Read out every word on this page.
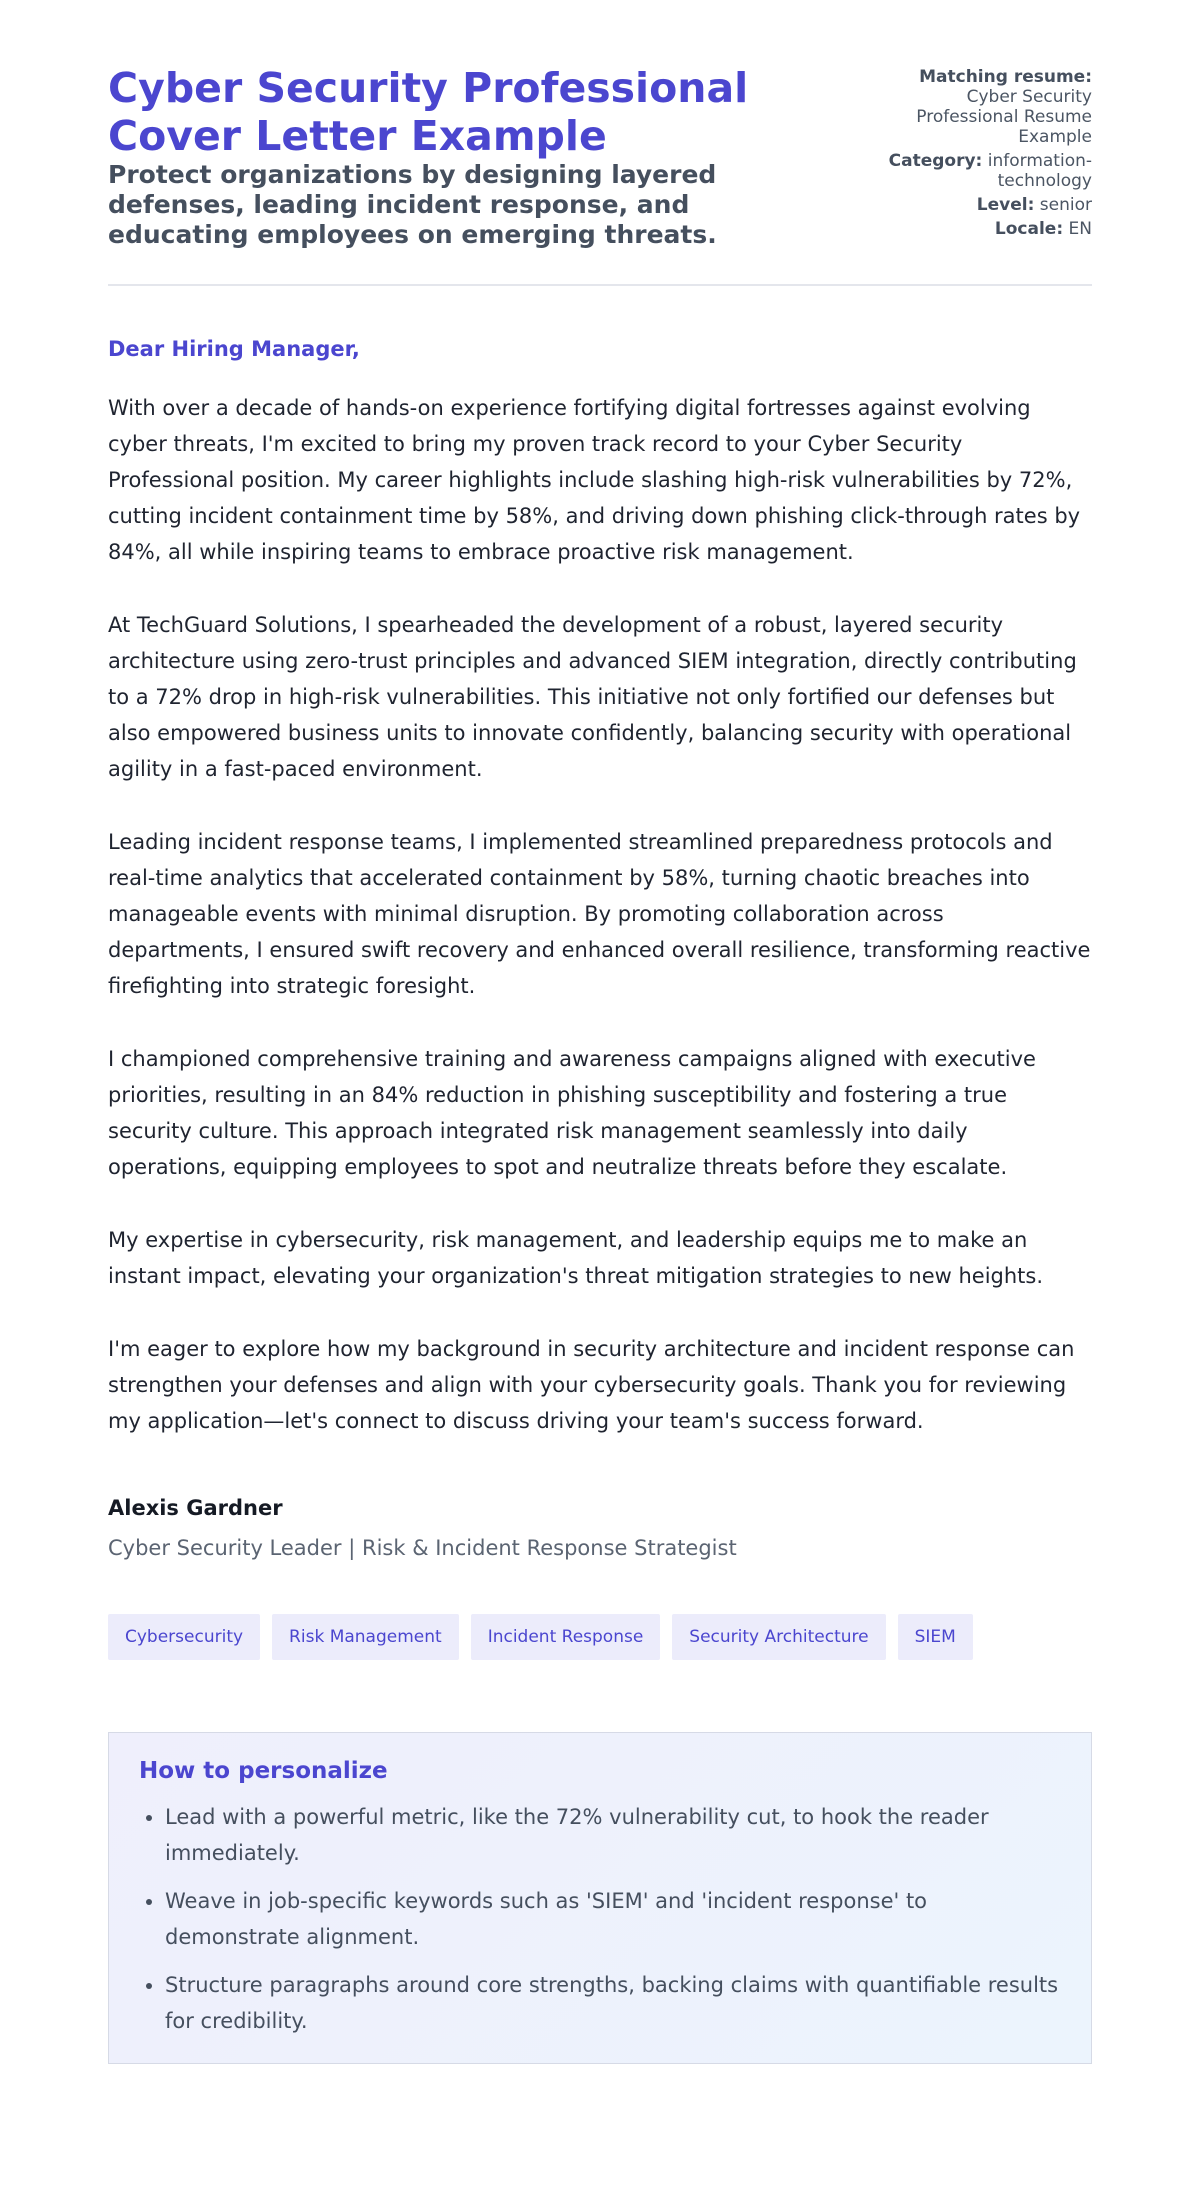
Cyber Security Professional Cover Letter Example
Protect organizations by designing layered defenses, leading incident response, and educating employees on emerging threats.
Matching resume:
Cyber Security Professional Resume Example
Category: information-technology
Level: senior
Locale: EN

Dear Hiring Manager,

With over a decade of hands-on experience fortifying digital fortresses against evolving cyber threats, I'm excited to bring my proven track record to your Cyber Security Professional position. My career highlights include slashing high-risk vulnerabilities by 72%, cutting incident containment time by 58%, and driving down phishing click-through rates by 84%, all while inspiring teams to embrace proactive risk management.

At TechGuard Solutions, I spearheaded the development of a robust, layered security architecture using zero-trust principles and advanced SIEM integration, directly contributing to a 72% drop in high-risk vulnerabilities. This initiative not only fortified our defenses but also empowered business units to innovate confidently, balancing security with operational agility in a fast-paced environment.

Leading incident response teams, I implemented streamlined preparedness protocols and real-time analytics that accelerated containment by 58%, turning chaotic breaches into manageable events with minimal disruption. By promoting collaboration across departments, I ensured swift recovery and enhanced overall resilience, transforming reactive firefighting into strategic foresight.

I championed comprehensive training and awareness campaigns aligned with executive priorities, resulting in an 84% reduction in phishing susceptibility and fostering a true security culture. This approach integrated risk management seamlessly into daily operations, equipping employees to spot and neutralize threats before they escalate.

My expertise in cybersecurity, risk management, and leadership equips me to make an instant impact, elevating your organization's threat mitigation strategies to new heights.

I'm eager to explore how my background in security architecture and incident response can strengthen your defenses and align with your cybersecurity goals. Thank you for reviewing my application—let's connect to discuss driving your team's success forward.

Alexis Gardner
Cyber Security Leader | Risk & Incident Response Strategist
Cybersecurity	Risk Management	Incident Response	Security Architecture	SIEM
How to personalize
• Lead with a powerful metric, like the 72% vulnerability cut, to hook the reader immediately.
• Weave in job-specific keywords such as 'SIEM' and 'incident response' to demonstrate alignment.
• Structure paragraphs around core strengths, backing claims with quantifiable results for credibility.
